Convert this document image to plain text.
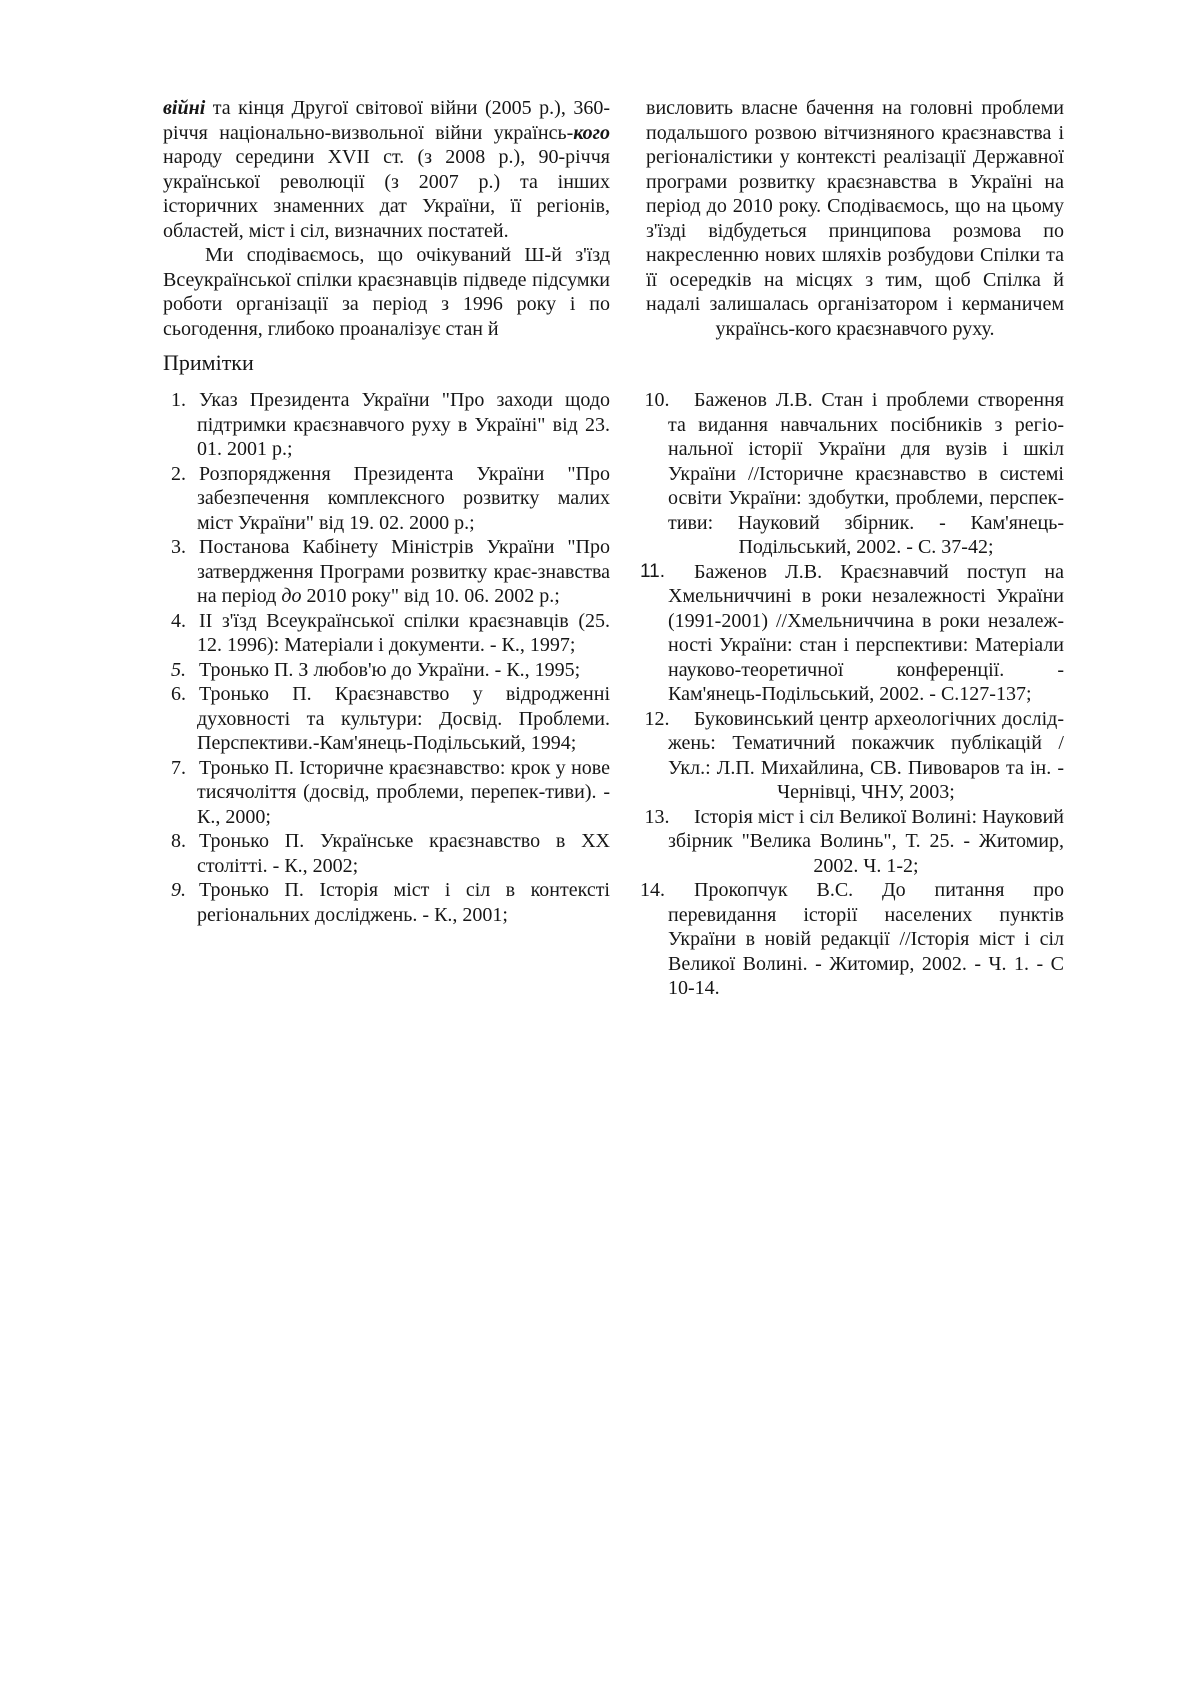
війні та кінця Другої світової війни (2005 р.), 360-річчя національно-визвольної війни українсь-кого народу середини XVII ст. (з 2008 р.), 90-річчя української революції (з 2007 р.) та інших історичних знаменних дат України, її регіонів, областей, міст і сіл, визначних постатей.

Ми сподіваємось, що очікуваний Ш-й з'їзд Всеукраїнської спілки краєзнавців підведе підсумки роботи організації за період з 1996 року і по сьогодення, глибоко проаналізує стан й

висловить власне бачення на головні проблеми подальшого розвою вітчизняного краєзнавства і регіоналістики у контексті реалізації Державної програми розвитку краєзнавства в Україні на період до 2010 року. Сподіваємось, що на цьому з'їзді відбудеться принципова розмова по накресленню нових шляхів розбудови Спілки та її осередків на місцях з тим, щоб Спілка й надалі залишалась організатором і керманичем українсь-кого краєзнавчого руху.

Примітки
1. Указ Президента України "Про заходи щодо підтримки краєзнавчого руху в Україні" від 23. 01. 2001 р.;
2. Розпорядження Президента України "Про забезпечення комплексного розвитку малих міст України" від 19. 02. 2000 р.;
3. Постанова Кабінету Міністрів України "Про затвердження Програми розвитку крає-знавства на період до 2010 року" від 10. 06. 2002 р.;
4. ІІ з'їзд Всеукраїнської спілки краєзнавців (25. 12. 1996): Матеріали і документи. - К., 1997;
5. Тронько П. З любов'ю до України. - К., 1995;
6. Тронько П. Краєзнавство у відродженні духовності та культури: Досвід. Проблеми. Перспективи.-Кам'янець-Подільський, 1994;
7. Тронько П. Історичне краєзнавство: крок у нове тисячоліття (досвід, проблеми, перепек-тиви). - К., 2000;
8. Тронько П. Українське краєзнавство в ХХ столітті. - К., 2002;
9. Тронько П. Історія міст і сіл в контексті регіональних досліджень. - К., 2001;
10. Баженов Л.В. Стан і проблеми створення та видання навчальних посібників з регіо-нальної історії України для вузів і шкіл України //Історичне краєзнавство в системі освіти України: здобутки, проблеми, перспек-тиви: Науковий збірник. - Кам'янець-Подільський, 2002. - С. 37-42;
11.	Баженов Л.В. Краєзнавчий поступ на Хмельниччині в роки незалежності України (1991-2001) //Хмельниччина в роки незалеж-ності України: стан і перспективи: Матеріали науково-теоретичної конференції. - Кам'янець-Подільський, 2002. - С.127-137;
12. Буковинський центр археологічних дослід-жень: Тематичний покажчик публікацій / Укл.: Л.П. Михайлина, СВ. Пивоваров та ін. - Чернівці, ЧНУ, 2003;
13. Історія міст і сіл Великої Волині: Науковий збірник "Велика Волинь", Т. 25. - Житомир, 2002. Ч. 1-2;
14.	Прокопчук В.С. До питання про перевидання історії населених пунктів України в новій редакції //Історія міст і сіл Великої Волині. - Житомир, 2002. - Ч. 1. - С 10-14.
